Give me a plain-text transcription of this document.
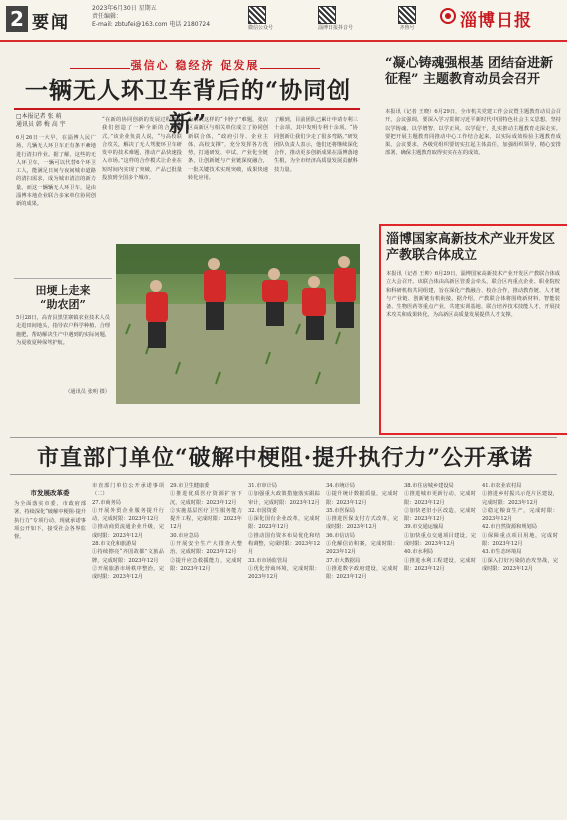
2 要闻
2023年6月30日 星期五
责任编辑：
E-mail: zbtufei@163.com 电话 2180724	微信公众号	淄博日报抖音号	齐鲁号	淄博日报
强信心 稳经济 促发展
一辆无人环卫车背后的“协同创新”
□本报记者 张 萌
通讯员 韩 梅 高 宇
6月26日一大早，在淄博人民广场，几辆无人环卫车正有条不紊地进行清扫作业。据了解，这些的无人环卫车，一辆可以代替6个环卫工人，能满足日间与夜间城市道路的清扫需求，成为城市清洁的新力量。而这一辆辆无人环卫车，是由淄博本地企业联合多家单位协同创新的成果。
“在新的协同创新的发展过程中，我们创造了一种全新的合作模式。”该企业负责人说，“与高校联合攻关，解决了无人驾驶环卫车研发中的技术难题，推动产品快速投入市场。”这样的合作模式让企业在短时间内实现了突破，产品已批量投放到全国多个城市。
为解决这样的“卡脖子”难题，张店区高新区与相关单位成立了协同创新联合体，“政府引导、企业主体、高校支撑”，充分发挥各方优势，打通研发、中试、产业化全链条，让创新链与产业链深度融合，一批关键技术实现突破，成果快速转化应用。
了解到，目前团队已累计申请专利三十余项，其中发明专利十余项。“协同创新让我们少走了很多弯路。”研发团队负责人表示，他们还将继续深化合作，推动更多创新成果在淄博落地生根，为全市经济高质量发展贡献科技力量。
田埂上走来
“助农团”
5月28日，高青县黑里寨镇农业技术人员走进田间地头，指导农户科学种植、合理施肥，帮助解决生产中遇到的实际问题，为夏收夏种保驾护航。
（通讯员 张明 摄）
“凝心铸魂强根基 团结奋进新征程” 主题教育动员会召开
本报讯（记者 王晓）6月29日，全市机关党建工作会议暨主题教育动员会召开。会议强调，要深入学习贯彻习近平新时代中国特色社会主义思想，坚持以学铸魂、以学增智、以学正风、以学促干，扎实推动主题教育走深走实。要把开展主题教育同推动中心工作结合起来，以实际成效检验主题教育成果。会议要求，各级党组织要切实扛起主体责任，加强组织领导，精心安排部署，确保主题教育取得实实在在的成效。
淄博国家高新技术产业开发区产教联合体成立
本报讯（记者 王帅）6月29日，淄博国家高新技术产业开发区产教联合体成立大会召开。该联合体由高新区管委会牵头，联合区内重点企业、职业院校和科研机构共同组建，旨在深化产教融合、校企合作，推动教育链、人才链与产业链、创新链有机衔接。据介绍，产教联合体将围绕新材料、智能装备、生物医药等重点产业，共建实训基地、联合培养技术技能人才，开展技术攻关和成果转化，为高新区高质量发展提供人才支撑。
市直部门单位“破解中梗阻·提升执行力”公开承诺
市发展改革委
为全面落实市委、市政府部署，持续深化“破解中梗阻·提升执行力”专项行动，现就承诺事项公开如下，接受社会各界监督。
市直部门单位公开承诺事项（二）
27.市商务局
①开展外贸企业服务提升行动，完成时限：2023年12月
②推动商贸流通企业升级，完成时限：2023年12月
28.市文化和旅游局
①持续擦亮“齐国故都”文旅品牌，完成时限：2023年12月
②开展旅游市场秩序整治，完成时限：2023年12月
29.市卫生健康委
①推进优质医疗资源扩容下沉，完成时限：2023年12月
②实施基层医疗卫生服务能力提升工程，完成时限：2023年12月
30.市应急局
①开展安全生产大排查大整治，完成时限：2023年12月
②提升应急救援能力，完成时限：2023年12月
31.市审计局
①加强重大政策措施落实跟踪审计，完成时限：2023年12月
32.市国资委
①深化国有企业改革，完成时限：2023年12月
②推动国有资本布局优化和结构调整，完成时限：2023年12月
33.市市场监管局
①优化营商环境，完成时限：2023年12月
34.市统计局
①提升统计数据质量，完成时限：2023年12月
35.市医保局
①推进医保支付方式改革，完成时限：2023年12月
36.市信访局
①化解信访积案，完成时限：2023年12月
37.市大数据局
①推进数字政府建设，完成时限：2023年12月
38.市住房城乡建设局
①推进城市更新行动，完成时限：2023年12月
②加快老旧小区改造，完成时限：2023年12月
39.市交通运输局
①加快重点交通项目建设，完成时限：2023年12月
40.市水利局
①推进水利工程建设，完成时限：2023年12月
41.市农业农村局
①推进乡村振兴示范片区建设，完成时限：2023年12月
②稳定粮食生产，完成时限：2023年12月
42.市自然资源和规划局
①保障重点项目用地，完成时限：2023年12月
43.市生态环境局
①深入打好污染防治攻坚战，完成时限：2023年12月
